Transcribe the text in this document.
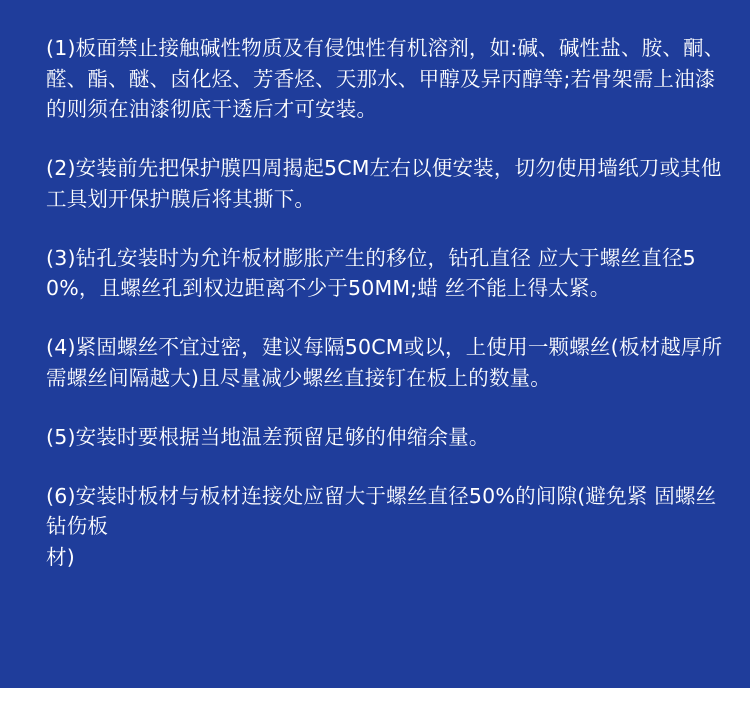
(1)板面禁止接触碱性物质及有侵蚀性有机溶剂，如:碱、碱性盐、胺、酮、醛、酯、醚、卤化烃、芳香烃、天那水、甲醇及异丙醇等;若骨架需上油漆的则须在油漆彻底干透后才可安装。

(2)安装前先把保护膜四周揭起5CM左右以便安装，切勿使用墙纸刀或其他工具划开保护膜后将其撕下。

(3)钻孔安装时为允许板材膨胀产生的移位，钻孔直径 应大于螺丝直径50%，且螺丝孔到权边距离不少于50MM;蜡 丝不能上得太紧。

(4)紧固螺丝不宜过密，建议每隔50CM或以，上使用一颗螺丝(板材越厚所需螺丝间隔越大)且尽量减少螺丝直接钉在板上的数量。

(5)安装时要根据当地温差预留足够的伸缩余量。

(6)安装时板材与板材连接处应留大于螺丝直径50%的间隙(避免紧 固螺丝钻伤板
材)
